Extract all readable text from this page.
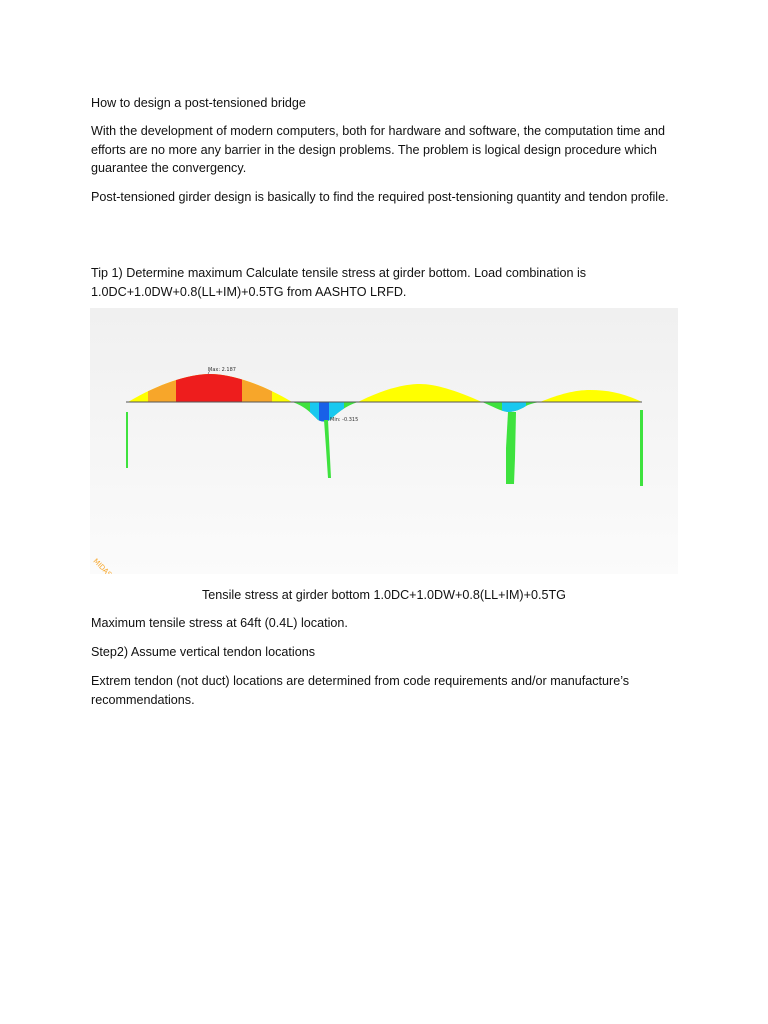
How to design a post-tensioned bridge

With the development of modern computers, both for hardware and software, the computation time and efforts are no more any barrier in the design problems. The problem is logical design procedure which guarantee the convergency.

Post-tensioned girder design is basically to find the required post-tensioning quantity and tendon profile.

Tip 1) Determine maximum Calculate tensile stress at girder bottom. Load combination is 1.0DC+1.0DW+0.8(LL+IM)+0.5TG from AASHTO LRFD.

Max: 2.187
Min: -0.315
MIDAS

Tensile stress at girder bottom 1.0DC+1.0DW+0.8(LL+IM)+0.5TG

Maximum tensile stress at 64ft (0.4L) location.

Step2) Assume vertical tendon locations

Extrem tendon (not duct) locations are determined from code requirements and/or manufacture’s recommendations.
